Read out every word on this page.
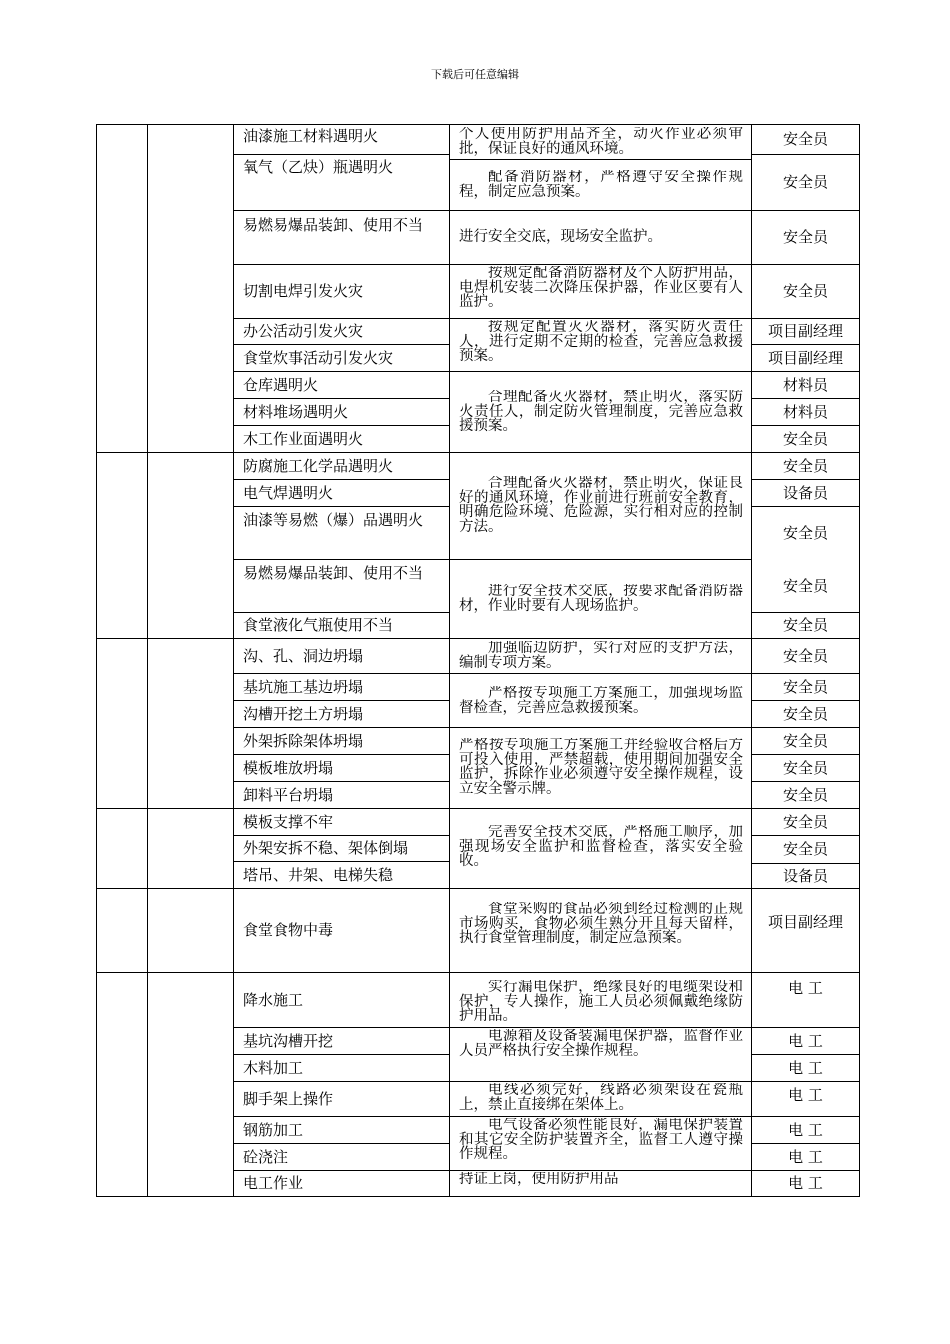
下载后可任意编辑
油漆施工材料遇明火
氧气（乙炔）瓶遇明火
易燃易爆品装卸、使用不当
切割电焊引发火灾
办公活动引发火灾
食堂炊事活动引发火灾
仓库遇明火
材料堆场遇明火
木工作业面遇明火
防腐施工化学品遇明火
电气焊遇明火
油漆等易燃（爆）品遇明火
易燃易爆品装卸、使用不当
食堂液化气瓶使用不当
沟、孔、洞边坍塌
基坑施工基边坍塌
沟槽开挖土方坍塌
外架拆除架体坍塌
模板堆放坍塌
卸料平台坍塌
模板支撑不牢
外架安拆不稳、架体倒塌
塔吊、井架、电梯失稳
食堂食物中毒
降水施工
基坑沟槽开挖
木料加工
脚手架上操作
钢筋加工
砼浇注
电工作业
个人使用防护用品齐全，动火作业必须审批，保证良好的通风环境。
配备消防器材，严格遵守安全操作规程，制定应急预案。
进行安全交底，现场安全监护。
按规定配备消防器材及个人防护用品，电焊机安装二次降压保护器，作业区要有人监护。
按规定配置灭火器材，落实防火责任人，进行定期不定期的检查，完善应急救援预案。
合理配备灭火器材，禁止明火，落实防火责任人，制定防火管理制度，完善应急救援预案。
合理配备灭火器材，禁止明火，保证良好的通风环境，作业前进行班前安全教育，明确危险环境、危险源，实行相对应的控制方法。
进行安全技术交底，按要求配备消防器材，作业时要有人现场监护。
加强临边防护，实行对应的支护方法，编制专项方案。
严格按专项施工方案施工，加强现场监督检查，完善应急救援预案。
严格按专项施工方案施工并经验收合格后方可投入使用，严禁超载，使用期间加强安全监护，拆除作业必须遵守安全操作规程，设立安全警示牌。
完善安全技术交底，严格施工顺序，加强现场安全监护和监督检查，落实安全验收。
食堂采购的食品必须到经过检测的正规市场购买，食物必须生熟分开且每天留样，执行食堂管理制度，制定应急预案。
实行漏电保护，绝缘良好的电缆架设和保护，专人操作，施工人员必须佩戴绝缘防护用品。
电源箱及设备装漏电保护器，监督作业人员严格执行安全操作规程。
电线必须完好，线路必须架设在瓷瓶上，禁止直接绑在架体上。
电气设备必须性能良好，漏电保护装置和其它安全防护装置齐全，监督工人遵守操作规程。
持证上岗，使用防护用品
安全员
安全员
安全员
安全员
项目副经理
项目副经理
材料员
材料员
安全员
安全员
设备员
安全员
安全员
安全员
安全员
安全员
安全员
安全员
安全员
安全员
安全员
安全员
设备员
项目副经理
电 工
电 工
电 工
电 工
电 工
电 工
电 工
